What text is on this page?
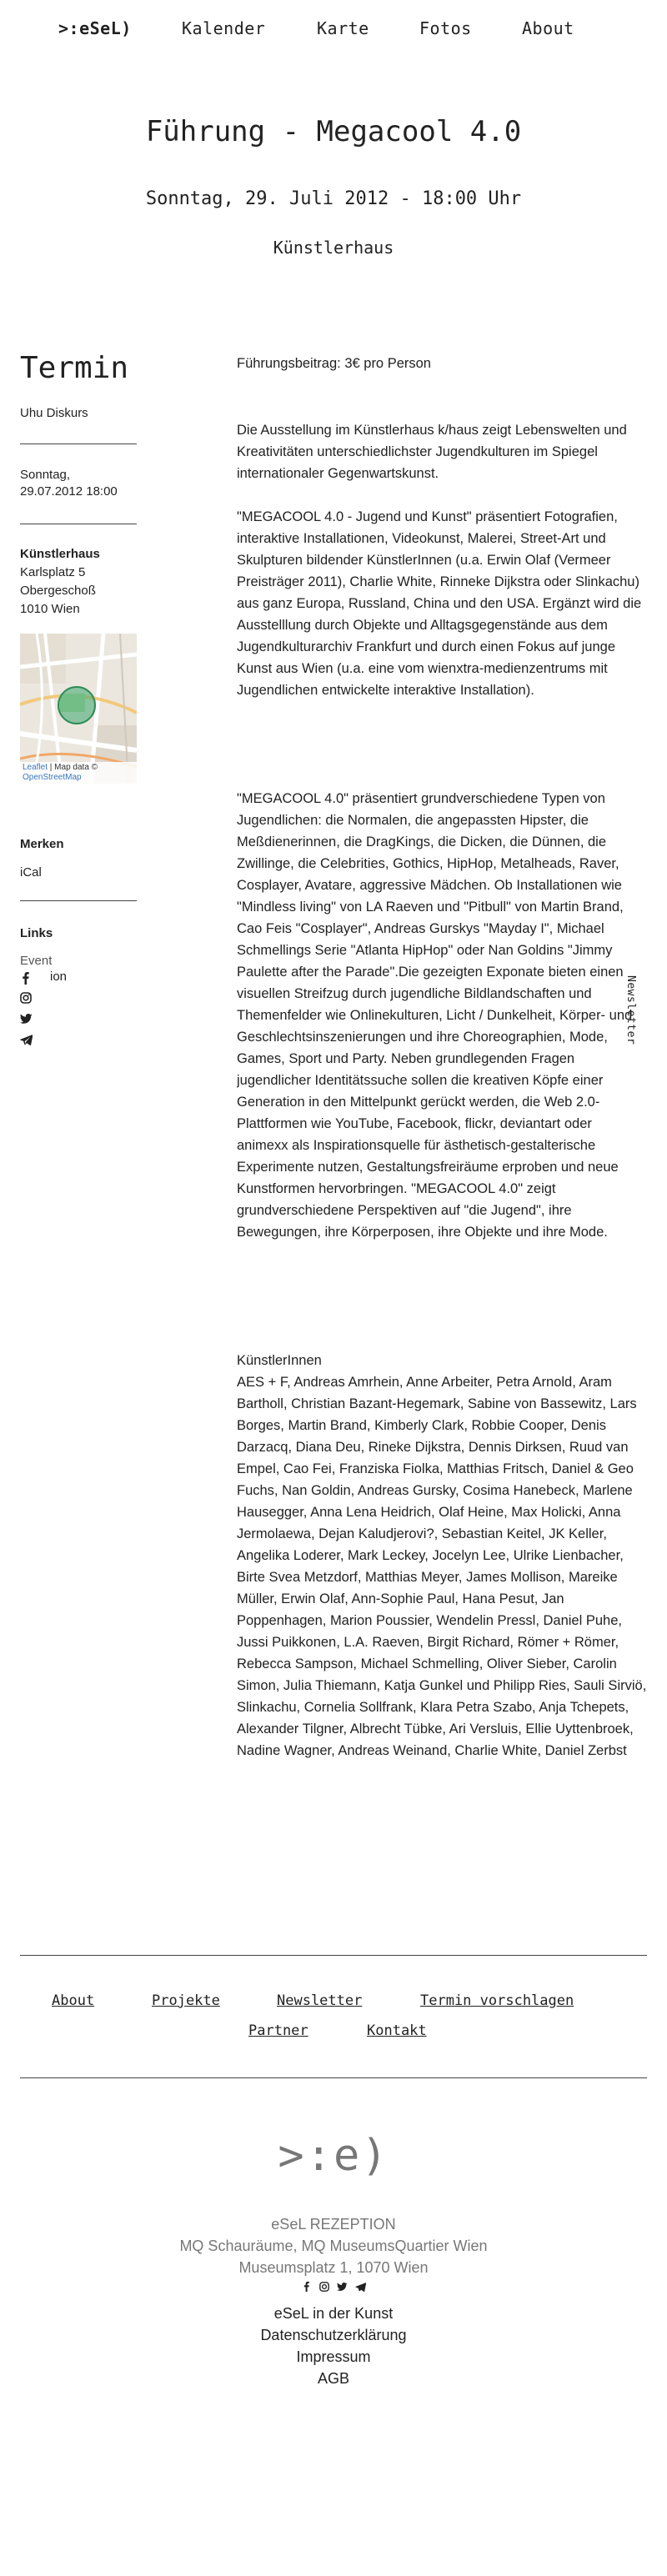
>:eSeL)	Kalender	Karte	Fotos	About
Führung - Megacool 4.0
Sonntag, 29. Juli 2012 - 18:00 Uhr
Künstlerhaus
Termin
Uhu Diskurs
Sonntag,
29.07.2012 18:00
Künstlerhaus
Karlsplatz 5
Obergeschoß
1010 Wien
Leaflet | Map data ©
OpenStreetMap
Merken
iCal
Links
Event
ion	Newsletter
Führungsbeitrag: 3€ pro Person

Die Ausstellung im Künstlerhaus k/haus zeigt Lebenswelten und Kreativitäten unterschiedlichster Jugendkulturen im Spiegel internationaler Gegenwartskunst.

"MEGACOOL 4.0 - Jugend und Kunst" präsentiert Fotografien, interaktive Installationen, Videokunst, Malerei, Street-Art und Skulpturen bildender KünstlerInnen (u.a. Erwin Olaf (Vermeer Preisträger 2011), Charlie White, Rinneke Dijkstra oder Slinkachu) aus ganz Europa, Russland, China und den USA. Ergänzt wird die Ausstelllung durch Objekte und Alltagsgegenstände aus dem Jugendkulturarchiv Frankfurt und durch einen Fokus auf junge Kunst aus Wien (u.a. eine vom wienxtra-medienzentrums mit Jugendlichen entwickelte interaktive Installation).

"MEGACOOL 4.0" präsentiert grundverschiedene Typen von Jugendlichen: die Normalen, die angepassten Hipster, die Meßdienerinnen, die DragKings, die Dicken, die Dünnen, die Zwillinge, die Celebrities, Gothics, HipHop, Metalheads, Raver, Cosplayer, Avatare, aggressive Mädchen. Ob Installationen wie "Mindless living" von LA Raeven und "Pitbull" von Martin Brand, Cao Feis "Cosplayer", Andreas Gurskys "Mayday I", Michael Schmellings Serie "Atlanta HipHop" oder Nan Goldins "Jimmy Paulette after the Parade".Die gezeigten Exponate bieten einen visuellen Streifzug durch jugendliche Bildlandschaften und Themenfelder wie Onlinekulturen, Licht / Dunkelheit, Körper- und Geschlechtsinszenierungen und ihre Choreographien, Mode, Games, Sport und Party. Neben grundlegenden Fragen jugendlicher Identitätssuche sollen die kreativen Köpfe einer Generation in den Mittelpunkt gerückt werden, die Web 2.0-Plattformen wie YouTube, Facebook, flickr, deviantart oder animexx als Inspirationsquelle für ästhetisch-gestalterische Experimente nutzen, Gestaltungsfreiräume erproben und neue Kunstformen hervorbringen. "MEGACOOL 4.0" zeigt grundverschiedene Perspektiven auf "die Jugend", ihre Bewegungen, ihre Körperposen, ihre Objekte und ihre Mode.

KünstlerInnen

AES + F, Andreas Amrhein, Anne Arbeiter, Petra Arnold, Aram Bartholl, Christian Bazant-Hegemark, Sabine von Bassewitz, Lars Borges, Martin Brand, Kimberly Clark, Robbie Cooper, Denis Darzacq, Diana Deu, Rineke Dijkstra, Dennis Dirksen, Ruud van Empel, Cao Fei, Franziska Fiolka, Matthias Fritsch, Daniel & Geo Fuchs, Nan Goldin, Andreas Gursky, Cosima Hanebeck, Marlene Hausegger, Anna Lena Heidrich, Olaf Heine, Max Holicki, Anna Jermolaewa, Dejan Kaludjerovi?, Sebastian Keitel, JK Keller, Angelika Loderer, Mark Leckey, Jocelyn Lee, Ulrike Lienbacher, Birte Svea Metzdorf, Matthias Meyer, James Mollison, Mareike Müller, Erwin Olaf, Ann-Sophie Paul, Hana Pesut, Jan Poppenhagen, Marion Poussier, Wendelin Pressl, Daniel Puhe, Jussi Puikkonen, L.A. Raeven, Birgit Richard, Römer + Römer, Rebecca Sampson, Michael Schmelling, Oliver Sieber, Carolin Simon, Julia Thiemann, Katja Gunkel und Philipp Ries, Sauli Sirviö, Slinkachu, Cornelia Sollfrank, Klara Petra Szabo, Anja Tchepets, Alexander Tilgner, Albrecht Tübke, Ari Versluis, Ellie Uyttenbroek, Nadine Wagner, Andreas Weinand, Charlie White, Daniel Zerbst

About	Projekte	Newsletter	Termin vorschlagen
Partner	Kontakt
>:e)
eSeL REZEPTION
MQ Schauräume, MQ MuseumsQuartier Wien
Museumsplatz 1, 1070 Wien

eSeL in der Kunst
Datenschutzerklärung
Impressum
AGB
